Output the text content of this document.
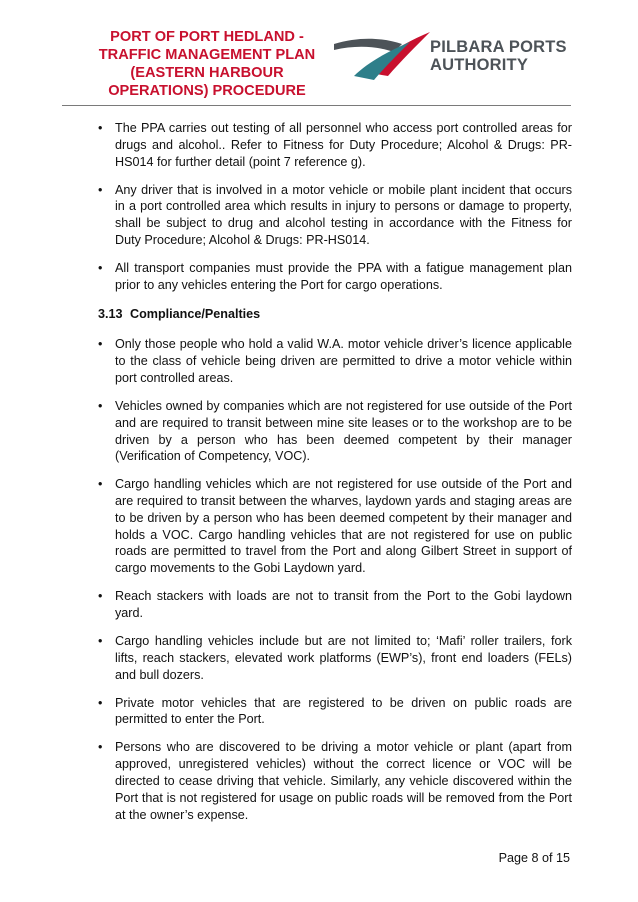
PORT OF PORT HEDLAND -
TRAFFIC MANAGEMENT PLAN
(EASTERN HARBOUR
OPERATIONS) PROCEDURE

PILBARA PORTS
AUTHORITY

• The PPA carries out testing of all personnel who access port controlled areas for drugs and alcohol.. Refer to Fitness for Duty Procedure; Alcohol & Drugs: PR-HS014 for further detail (point 7 reference g).
• Any driver that is involved in a motor vehicle or mobile plant incident that occurs in a port controlled area which results in injury to persons or damage to property, shall be subject to drug and alcohol testing in accordance with the Fitness for Duty Procedure; Alcohol & Drugs: PR-HS014.
• All transport companies must provide the PPA with a fatigue management plan prior to any vehicles entering the Port for cargo operations.
3.13 Compliance/Penalties
• Only those people who hold a valid W.A. motor vehicle driver’s licence applicable to the class of vehicle being driven are permitted to drive a motor vehicle within port controlled areas.
• Vehicles owned by companies which are not registered for use outside of the Port and are required to transit between mine site leases or to the workshop are to be driven by a person who has been deemed competent by their manager (Verification of Competency, VOC).
• Cargo handling vehicles which are not registered for use outside of the Port and are required to transit between the wharves, laydown yards and staging areas are to be driven by a person who has been deemed competent by their manager and holds a VOC. Cargo handling vehicles that are not registered for use on public roads are permitted to travel from the Port and along Gilbert Street in support of cargo movements to the Gobi Laydown yard.
• Reach stackers with loads are not to transit from the Port to the Gobi laydown yard.
• Cargo handling vehicles include but are not limited to; ‘Mafi’ roller trailers, fork lifts, reach stackers, elevated work platforms (EWP’s), front end loaders (FELs) and bull dozers.
• Private motor vehicles that are registered to be driven on public roads are permitted to enter the Port.
• Persons who are discovered to be driving a motor vehicle or plant (apart from approved, unregistered vehicles) without the correct licence or VOC will be directed to cease driving that vehicle. Similarly, any vehicle discovered within the Port that is not registered for usage on public roads will be removed from the Port at the owner’s expense.
Page 8 of 15
